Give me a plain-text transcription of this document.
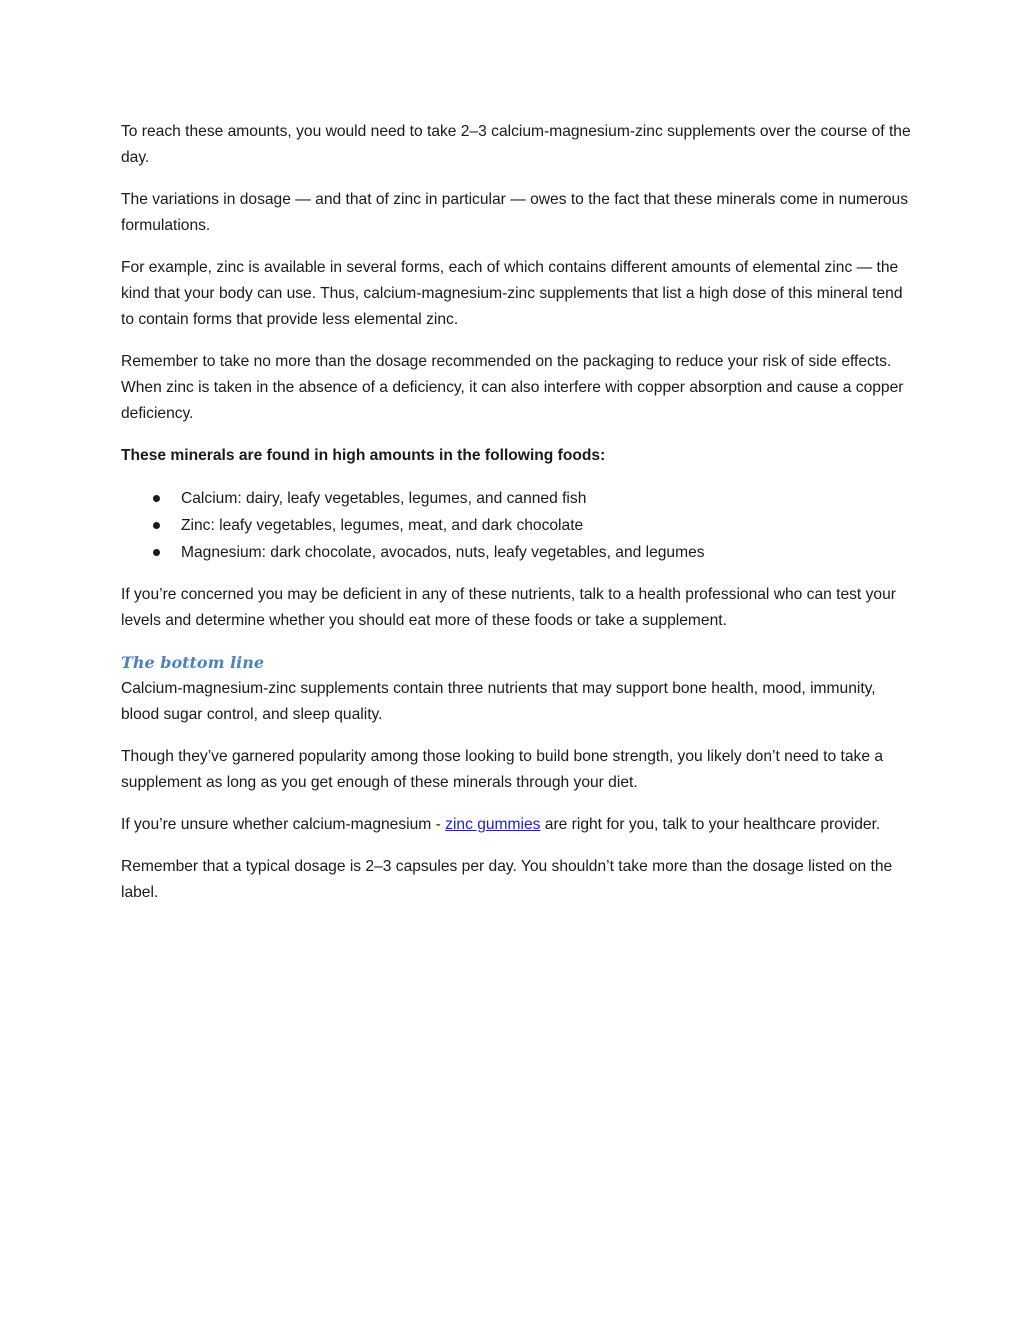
To reach these amounts, you would need to take 2–3 calcium-magnesium-zinc supplements over the course of the day.

The variations in dosage — and that of zinc in particular — owes to the fact that these minerals come in numerous formulations.

For example, zinc is available in several forms, each of which contains different amounts of elemental zinc — the kind that your body can use. Thus, calcium-magnesium-zinc supplements that list a high dose of this mineral tend to contain forms that provide less elemental zinc.

Remember to take no more than the dosage recommended on the packaging to reduce your risk of side effects. When zinc is taken in the absence of a deficiency, it can also interfere with copper absorption and cause a copper deficiency.

These minerals are found in high amounts in the following foods:

Calcium: dairy, leafy vegetables, legumes, and canned fish
Zinc: leafy vegetables, legumes, meat, and dark chocolate
Magnesium: dark chocolate, avocados, nuts, leafy vegetables, and legumes

If you’re concerned you may be deficient in any of these nutrients, talk to a health professional who can test your levels and determine whether you should eat more of these foods or take a supplement.

The bottom line

Calcium-magnesium-zinc supplements contain three nutrients that may support bone health, mood, immunity, blood sugar control, and sleep quality.

Though they’ve garnered popularity among those looking to build bone strength, you likely don’t need to take a supplement as long as you get enough of these minerals through your diet.

If you’re unsure whether calcium-magnesium - zinc gummies are right for you, talk to your healthcare provider.

Remember that a typical dosage is 2–3 capsules per day. You shouldn’t take more than the dosage listed on the label.
